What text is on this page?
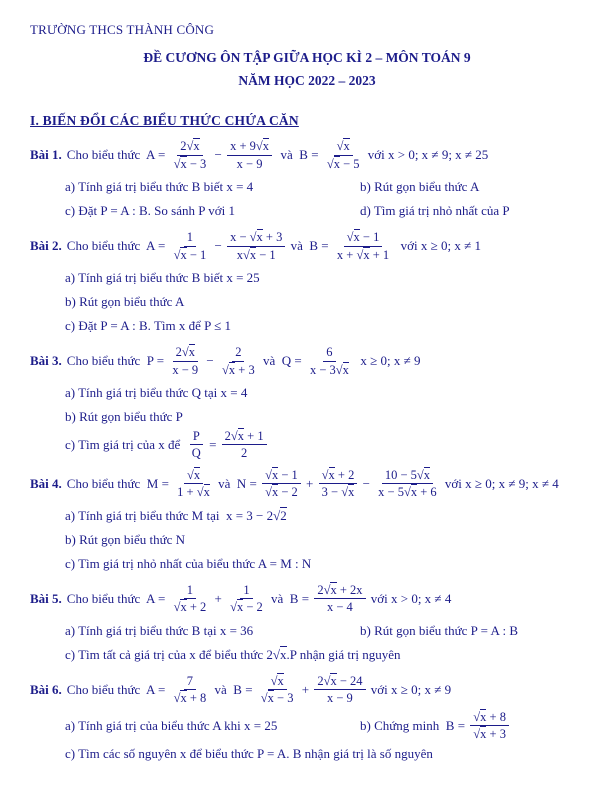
TRƯỜNG THCS THÀNH CÔNG
ĐỀ CƯƠNG ÔN TẬP GIỮA HỌC KÌ 2 – MÔN TOÁN 9
NĂM HỌC 2022 – 2023
I. BIẾN ĐỔI CÁC BIỂU THỨC CHỨA CĂN
Bài 1. Cho biểu thức  $A = \frac{2√x}{√x - 3} - \frac{x + 9√x}{x - 9}$ và  $B = \frac{√x}{√x - 5}$ với x > 0; x ≠ 9; x ≠ 25
a) Tính giá trị biểu thức B biết x = 4	b) Rút gọn biểu thức A
c) Đặt P = A : B. So sánh P với 1	d) Tìm giá trị nhỏ nhất của P
Bài 2. Cho biểu thức  $A = \frac{1}{√x - 1} - \frac{x - √x + 3}{x√x - 1}$ và  $B = \frac{√x - 1}{x + √x + 1}$ với x ≥ 0; x ≠ 1
a) Tính giá trị biểu thức B biết x = 25
b) Rút gọn biểu thức A
c) Đặt P = A : B. Tìm x để P ≤ 1
Bài 3. Cho biểu thức  $P = \frac{2√x}{x - 9} - \frac{2}{√x + 3}$ và  $Q = \frac{6}{x - 3√x}$ x ≥ 0; x ≠ 9
a) Tính giá trị biểu thức Q tại x = 4
b) Rút gọn biểu thức P
c) Tìm giá trị của x để $\frac{P}{Q} = \frac{2√x + 1}{2}$
Bài 4. Cho biểu thức  $M = \frac{√x}{1 + √x}$ và  $N = \frac{√x - 1}{√x - 2} + \frac{√x + 2}{3 - √x} - \frac{10 - 5√x}{x - 5√x + 6}$ với x ≥ 0; x ≠ 9; x ≠ 4
a) Tính giá trị biểu thức M tại  x = 3 − 2√2
b) Rút gọn biểu thức N
c) Tìm giá trị nhỏ nhất của biểu thức A = M : N
Bài 5. Cho biểu thức  $A = \frac{1}{√x + 2} + \frac{1}{√x - 2}$ và  $B = \frac{2√x + 2x}{x - 4}$ với x > 0; x ≠ 4
a) Tính giá trị biểu thức B tại x = 36	b) Rút gọn biểu thức P = A : B
c) Tìm tất cả giá trị của x để biểu thức 2√x.P nhận giá trị nguyên
Bài 6. Cho biểu thức  $A = \frac{7}{√x + 8}$ và  $B = \frac{√x}{√x - 3} + \frac{2√x - 24}{x - 9}$ với x ≥ 0; x ≠ 9
a) Tính giá trị của biểu thức A khi x = 25	b) Chứng minh  $B = \frac{√x + 8}{√x + 3}$
c) Tìm các số nguyên x để biểu thức P = A. B nhận giá trị là số nguyên
